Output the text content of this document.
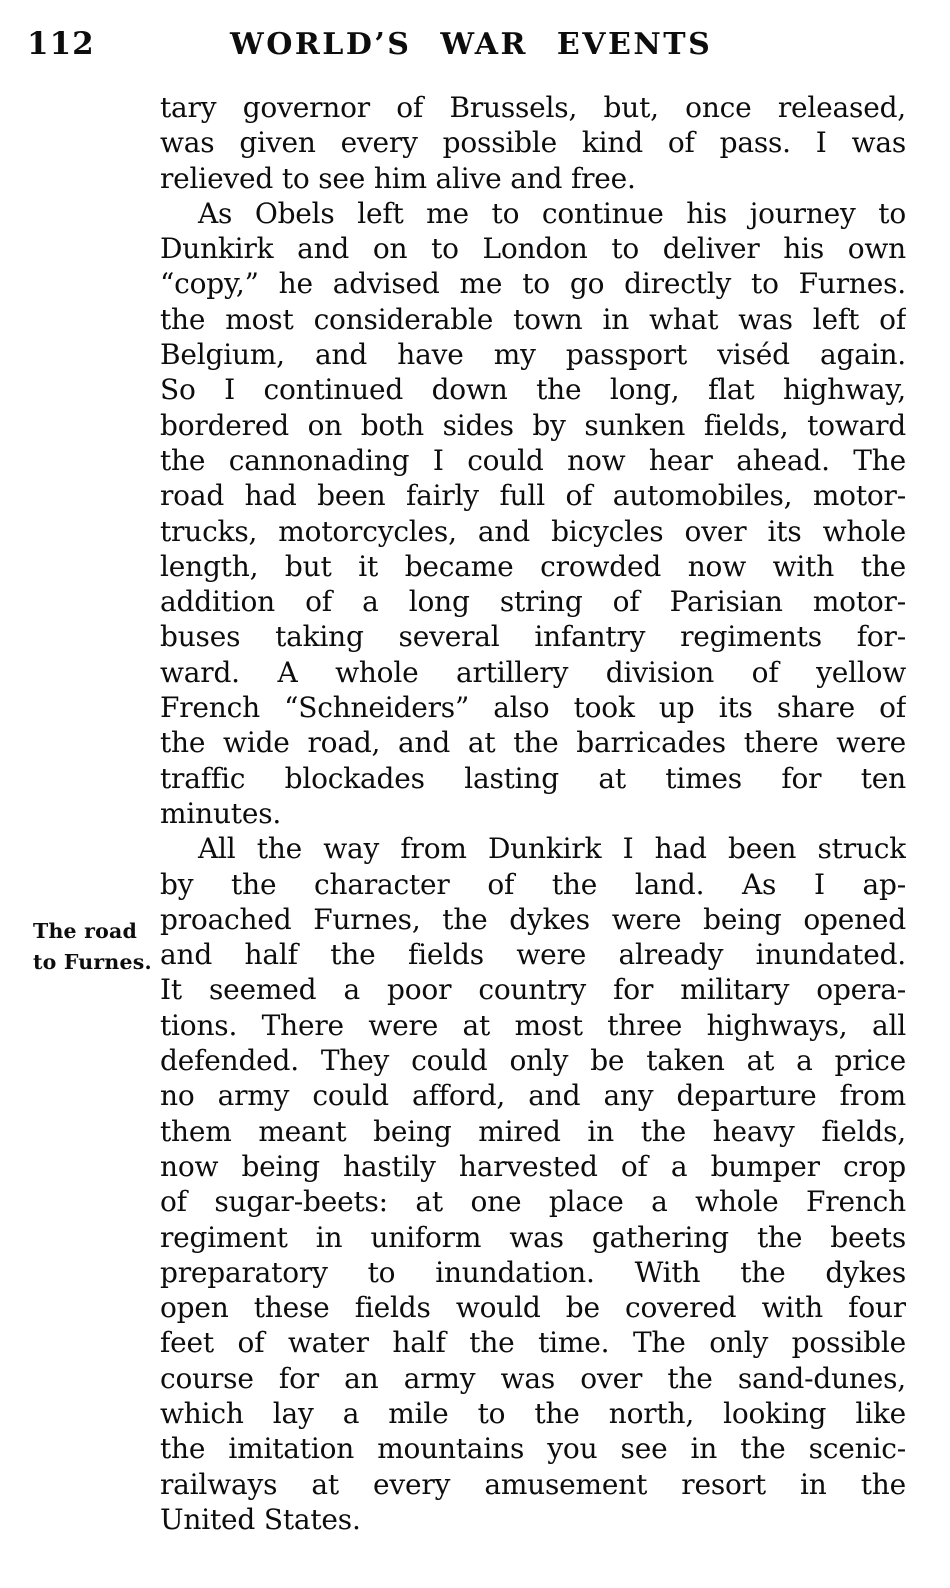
112	WORLD’S WAR EVENTS
The road
to Furnes.
tary governor of Brussels, but, once released,
was given every possible kind of pass. I was
relieved to see him alive and free.
As Obels left me to continue his journey to
Dunkirk and on to London to deliver his own
“copy,” he advised me to go directly to Furnes.
the most considerable town in what was left of
Belgium, and have my passport viséd again.
So I continued down the long, flat highway,
bordered on both sides by sunken fields, toward
the cannonading I could now hear ahead. The
road had been fairly full of automobiles, motor-
trucks, motorcycles, and bicycles over its whole
length, but it became crowded now with the
addition of a long string of Parisian motor-
buses taking several infantry regiments for-
ward. A whole artillery division of yellow
French “Schneiders” also took up its share of
the wide road, and at the barricades there were
traffic blockades lasting at times for ten
minutes.
All the way from Dunkirk I had been struck
by the character of the land. As I ap-
proached Furnes, the dykes were being opened
and half the fields were already inundated.
It seemed a poor country for military opera-
tions. There were at most three highways, all
defended. They could only be taken at a price
no army could afford, and any departure from
them meant being mired in the heavy fields,
now being hastily harvested of a bumper crop
of sugar-beets: at one place a whole French
regiment in uniform was gathering the beets
preparatory to inundation. With the dykes
open these fields would be covered with four
feet of water half the time. The only possible
course for an army was over the sand-dunes,
which lay a mile to the north, looking like
the imitation mountains you see in the scenic-
railways at every amusement resort in the
United States.
